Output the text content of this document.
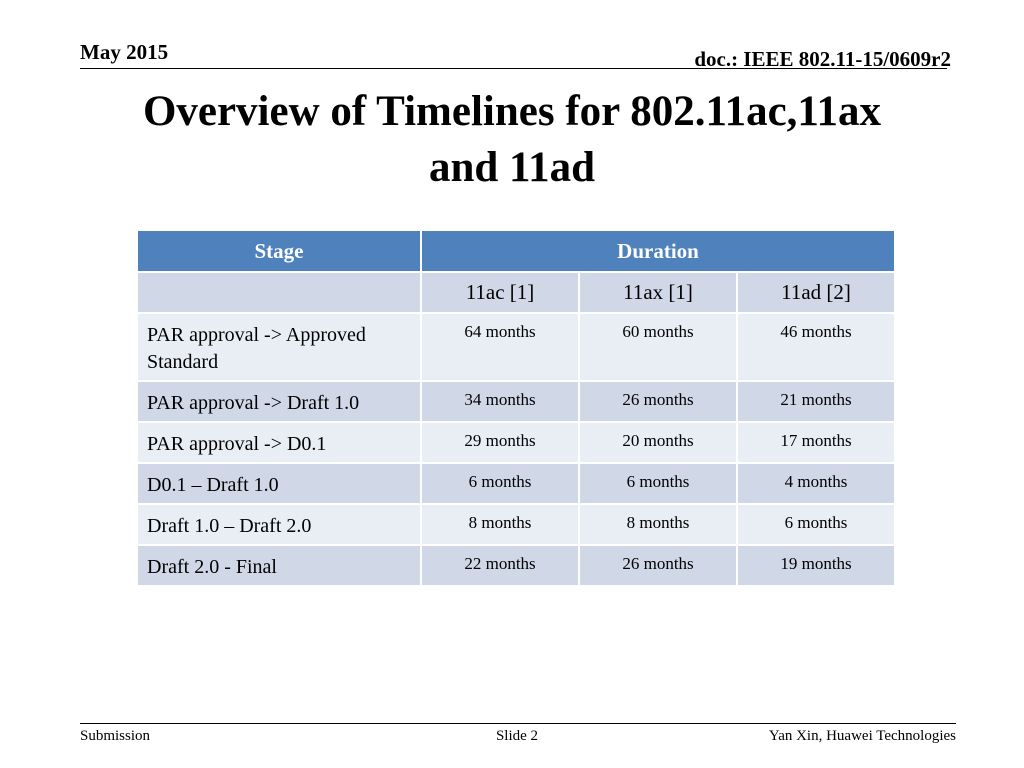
May 2015	doc.: IEEE 802.11-15/0609r2
Overview of Timelines for 802.11ac,11ax
and 11ad
Stage	Duration		
	11ac [1]	11ax [1]	11ad [2]
PAR approval -> Approved Standard	64 months	60 months	46 months
PAR approval -> Draft 1.0	34 months	26 months	21 months
PAR approval -> D0.1	29 months	20 months	17 months
D0.1 – Draft 1.0	6 months	6 months	4 months
Draft 1.0 – Draft 2.0	8 months	8 months	6 months
Draft 2.0 - Final	22 months	26 months	19 months
Submission	Slide 2	Yan Xin, Huawei Technologies
